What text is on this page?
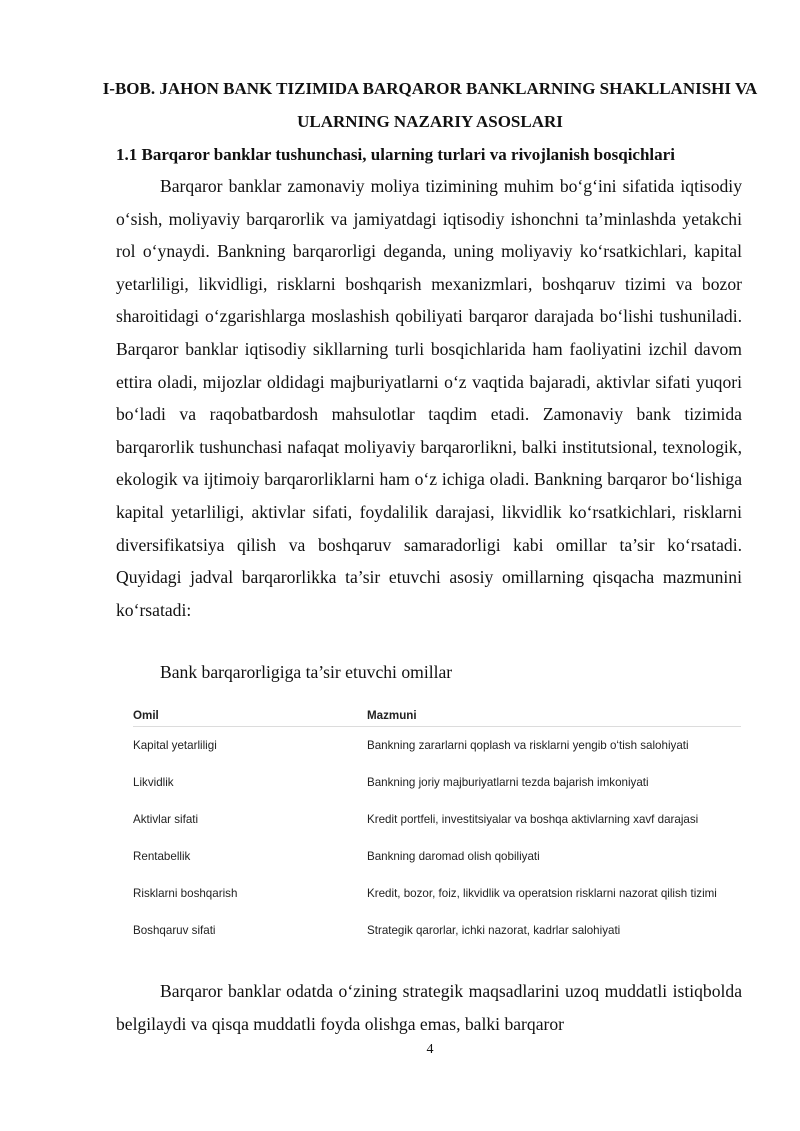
I-BOB. JAHON BANK TIZIMIDA BARQAROR BANKLARNING SHAKLLANISHI VA ULARNING NAZARIY ASOSLARI
1.1 Barqaror banklar tushunchasi, ularning turlari va rivojlanish bosqichlari

Barqaror banklar zamonaviy moliya tizimining muhim bo‘g‘ini sifatida iqtisodiy o‘sish, moliyaviy barqarorlik va jamiyatdagi iqtisodiy ishonchni ta’minlashda yetakchi rol o‘ynaydi. Bankning barqarorligi deganda, uning moliyaviy ko‘rsatkichlari, kapital yetarliligi, likvidligi, risklarni boshqarish mexanizmlari, boshqaruv tizimi va bozor sharoitidagi o‘zgarishlarga moslashish qobiliyati barqaror darajada bo‘lishi tushuniladi. Barqaror banklar iqtisodiy sikllarning turli bosqichlarida ham faoliyatini izchil davom ettira oladi, mijozlar oldidagi majburiyatlarni o‘z vaqtida bajaradi, aktivlar sifati yuqori bo‘ladi va raqobatbardosh mahsulotlar taqdim etadi. Zamonaviy bank tizimida barqarorlik tushunchasi nafaqat moliyaviy barqarorlikni, balki institutsional, texnologik, ekologik va ijtimoiy barqarorliklarni ham o‘z ichiga oladi. Bankning barqaror bo‘lishiga kapital yetarliligi, aktivlar sifati, foydalilik darajasi, likvidlik ko‘rsatkichlari, risklarni diversifikatsiya qilish va boshqaruv samaradorligi kabi omillar ta’sir ko‘rsatadi. Quyidagi jadval barqarorlikka ta’sir etuvchi asosiy omillarning qisqacha mazmunini ko‘rsatadi:

Bank barqarorligiga ta’sir etuvchi omillar
Omil	Mazmuni
Kapital yetarliligi	Bankning zararlarni qoplash va risklarni yengib o‘tish salohiyati
Likvidlik	Bankning joriy majburiyatlarni tezda bajarish imkoniyati
Aktivlar sifati	Kredit portfeli, investitsiyalar va boshqa aktivlarning xavf darajasi
Rentabellik	Bankning daromad olish qobiliyati
Risklarni boshqarish	Kredit, bozor, foiz, likvidlik va operatsion risklarni nazorat qilish tizimi
Boshqaruv sifati	Strategik qarorlar, ichki nazorat, kadrlar salohiyati

Barqaror banklar odatda o‘zining strategik maqsadlarini uzoq muddatli istiqbolda belgilaydi va qisqa muddatli foyda olishga emas, balki barqaror

4
